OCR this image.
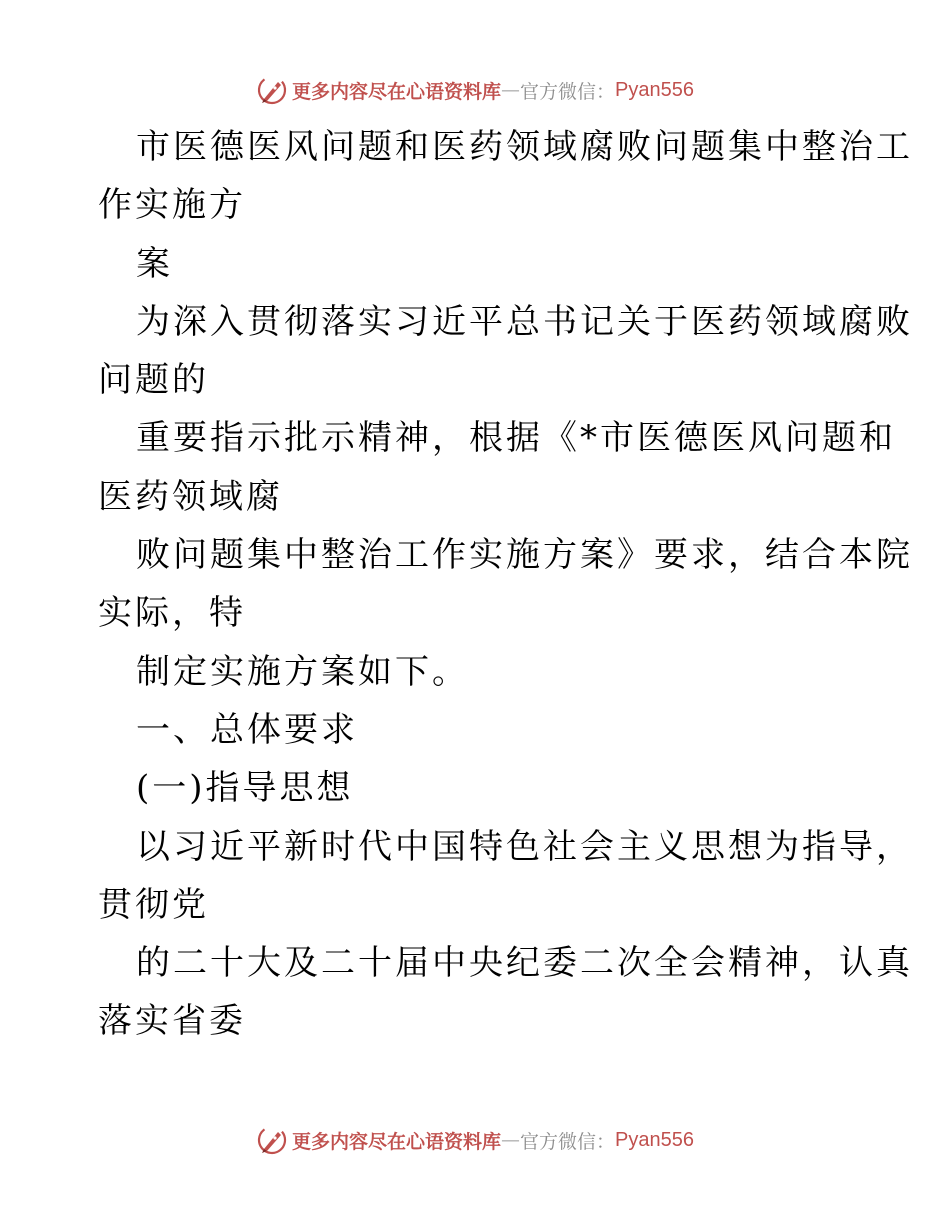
更多内容尽在心语资料库 — 官方微信： Pyan556
市医德医风问题和医药领域腐败问题集中整治工
作实施方
案
为深入贯彻落实习近平总书记关于医药领域腐败
问题的
重要指示批示精神，根据《*市医德医风问题和
医药领域腐
败问题集中整治工作实施方案》要求，结合本院
实际，特
制定实施方案如下。
一、总体要求
(一)指导思想
以习近平新时代中国特色社会主义思想为指导，
贯彻党
的二十大及二十届中央纪委二次全会精神，认真
落实省委
更多内容尽在心语资料库 — 官方微信： Pyan556
